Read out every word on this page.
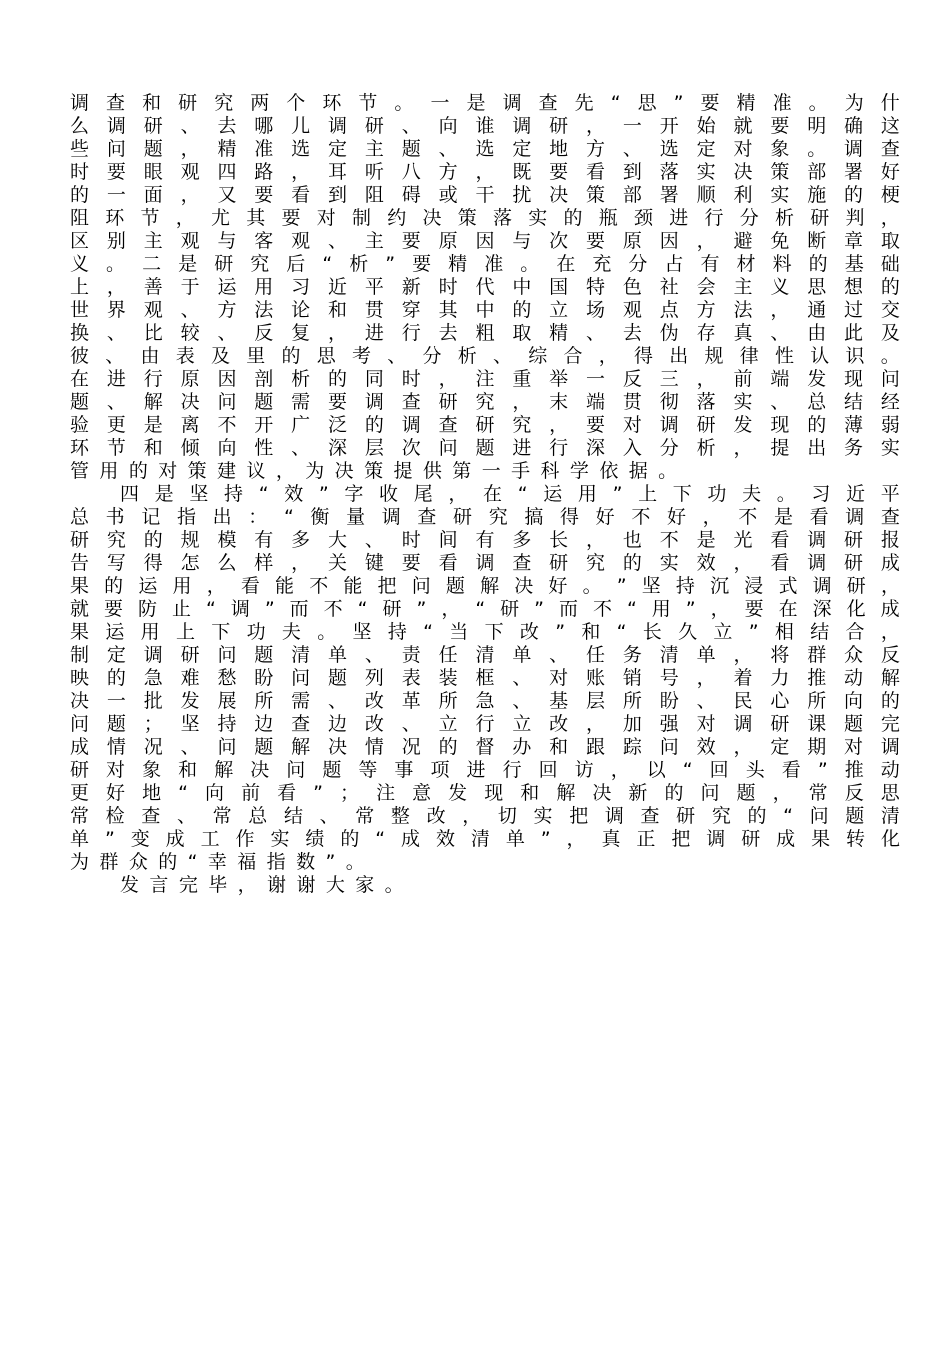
调 查 和 研 究 两 个 环 节 。 一 是 调 查 先 “ 思 ” 要 精 准 。 为 什
么 调 研 、 去 哪 儿 调 研 、 向 谁 调 研 ， 一 开 始 就 要 明 确 这
些 问 题 ， 精 准 选 定 主 题 、 选 定 地 方 、 选 定 对 象 。 调 查
时 要 眼 观 四 路 ， 耳 听 八 方 ， 既 要 看 到 落 实 决 策 部 署 好
的 一 面 ， 又 要 看 到 阻 碍 或 干 扰 决 策 部 署 顺 利 实 施 的 梗
阻 环 节 ， 尤 其 要 对 制 约 决 策 落 实 的 瓶 颈 进 行 分 析 研 判 ，
区 别 主 观 与 客 观 、 主 要 原 因 与 次 要 原 因 ， 避 免 断 章 取
义 。 二 是 研 究 后 “ 析 ” 要 精 准 。 在 充 分 占 有 材 料 的 基 础
上 ， 善 于 运 用 习 近 平 新 时 代 中 国 特 色 社 会 主 义 思 想 的
世 界 观 、 方 法 论 和 贯 穿 其 中 的 立 场 观 点 方 法 ， 通 过 交
换 、 比 较 、 反 复 ， 进 行 去 粗 取 精 、 去 伪 存 真 、 由 此 及
彼 、 由 表 及 里 的 思 考 、 分 析 、 综 合 ， 得 出 规 律 性 认 识 。
在 进 行 原 因 剖 析 的 同 时 ， 注 重 举 一 反 三 ， 前 端 发 现 问
题 、 解 决 问 题 需 要 调 查 研 究 ， 末 端 贯 彻 落 实 、 总 结 经
验 更 是 离 不 开 广 泛 的 调 查 研 究 ， 要 对 调 研 发 现 的 薄 弱
环 节 和 倾 向 性 、 深 层 次 问 题 进 行 深 入 分 析 ， 提 出 务 实
管 用 的 对 策 建 议 ， 为 决 策 提 供 第 一 手 科 学 依 据 。
四 是 坚 持 “ 效 ” 字 收 尾 ， 在 “ 运 用 ” 上 下 功 夫 。 习 近 平
总 书 记 指 出 ： “ 衡 量 调 查 研 究 搞 得 好 不 好 ， 不 是 看 调 查
研 究 的 规 模 有 多 大 、 时 间 有 多 长 ， 也 不 是 光 看 调 研 报
告 写 得 怎 么 样 ， 关 键 要 看 调 查 研 究 的 实 效 ， 看 调 研 成
果 的 运 用 ， 看 能 不 能 把 问 题 解 决 好 。 ” 坚 持 沉 浸 式 调 研 ，
就 要 防 止 “ 调 ” 而 不 “ 研 ” ， “ 研 ” 而 不 “ 用 ” ， 要 在 深 化 成
果 运 用 上 下 功 夫 。 坚 持 “ 当 下 改 ” 和 “ 长 久 立 ” 相 结 合 ，
制 定 调 研 问 题 清 单 、 责 任 清 单 、 任 务 清 单 ， 将 群 众 反
映 的 急 难 愁 盼 问 题 列 表 装 框 、 对 账 销 号 ， 着 力 推 动 解
决 一 批 发 展 所 需 、 改 革 所 急 、 基 层 所 盼 、 民 心 所 向 的
问 题 ； 坚 持 边 查 边 改 、 立 行 立 改 ， 加 强 对 调 研 课 题 完
成 情 况 、 问 题 解 决 情 况 的 督 办 和 跟 踪 问 效 ， 定 期 对 调
研 对 象 和 解 决 问 题 等 事 项 进 行 回 访 ， 以 “ 回 头 看 ” 推 动
更 好 地 “ 向 前 看 ” ； 注 意 发 现 和 解 决 新 的 问 题 ， 常 反 思
常 检 查 、 常 总 结 、 常 整 改 ， 切 实 把 调 查 研 究 的 “ 问 题 清
单 ” 变 成 工 作 实 绩 的 “ 成 效 清 单 ” ， 真 正 把 调 研 成 果 转 化
为 群 众 的 “ 幸 福 指 数 ” 。
发 言 完 毕 ， 谢 谢 大 家 。
